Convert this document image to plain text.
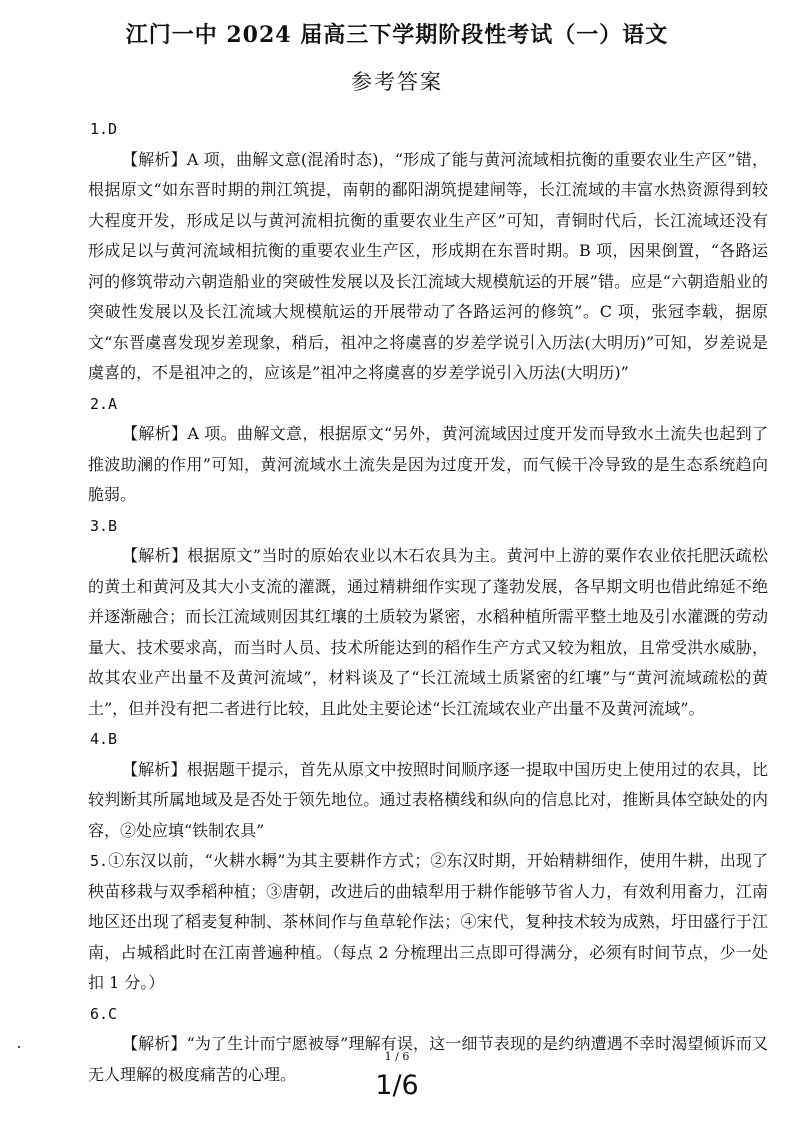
江门一中 2024 届高三下学期阶段性考试（一）语文
参考答案
1.D
【解析】A 项，曲解文意(混淆时态)，“形成了能与黄河流域相抗衡的重要农业生产区”错，根据原文“如东晋时期的荆江筑提，南朝的鄱阳湖筑提建闸等，长江流域的丰富水热资源得到较大程度开发，形成足以与黄河流相抗衡的重要农业生产区”可知，青铜时代后，长江流域还没有形成足以与黄河流域相抗衡的重要农业生产区，形成期在东晋时期。B 项，因果倒置，“各路运河的修筑带动六朝造船业的突破性发展以及长江流域大规模航运的开展”错。应是“六朝造船业的突破性发展以及长江流域大规模航运的开展带动了各路运河的修筑”。C 项，张冠李载，据原文“东晋虞喜发现岁差现象，稍后，祖冲之将虞喜的岁差学说引入历法(大明历)”可知，岁差说是虞喜的，不是祖冲之的，应该是”祖冲之将虞喜的岁差学说引入历法(大明历)”
2.A
【解析】A 项。曲解文意，根据原文“另外，黄河流域因过度开发而导致水土流失也起到了推波助澜的作用”可知，黄河流域水土流失是因为过度开发，而气候干冷导致的是生态系统趋向脆弱。
3.B
【解析】根据原文”当时的原始农业以木石农具为主。黄河中上游的粟作农业依托肥沃疏松的黄土和黄河及其大小支流的灌溉，通过精耕细作实现了蓬勃发展，各早期文明也借此绵延不绝并逐渐融合；而长江流域则因其红壤的土质较为紧密，水稻种植所需平整土地及引水灌溉的劳动量大、技术要求高，而当时人员、技术所能达到的稻作生产方式又较为粗放，且常受洪水威胁，故其农业产出量不及黄河流域”，材料谈及了“长江流域土质紧密的红壤”与“黄河流域疏松的黄土”，但并没有把二者进行比较，且此处主要论述“长江流域农业产出量不及黄河流域”。
4.B
【解析】根据题干提示，首先从原文中按照时间顺序逐一提取中国历史上使用过的农具，比较判断其所属地域及是否处于领先地位。通过表格横线和纵向的信息比对，推断具体空缺处的内容，②处应填“铁制农具”
5.①东汉以前，“火耕水耨”为其主要耕作方式；②东汉时期，开始精耕细作，使用牛耕，出现了秧苗移栽与双季稻种植；③唐朝，改进后的曲辕犁用于耕作能够节省人力，有效利用畜力，江南地区还出现了稻麦复种制、茶林间作与鱼草轮作法；④宋代，复种技术较为成熟，圩田盛行于江南，占城稻此时在江南普遍种植。（每点 2 分梳理出三点即可得满分，必须有时间节点，少一处扣 1 分。）
6.C
【解析】“为了生计而宁愿被辱”理解有误，这一细节表现的是约纳遭遇不幸时渴望倾诉而又无人理解的极度痛苦的心理。
1 / 6
1/6
